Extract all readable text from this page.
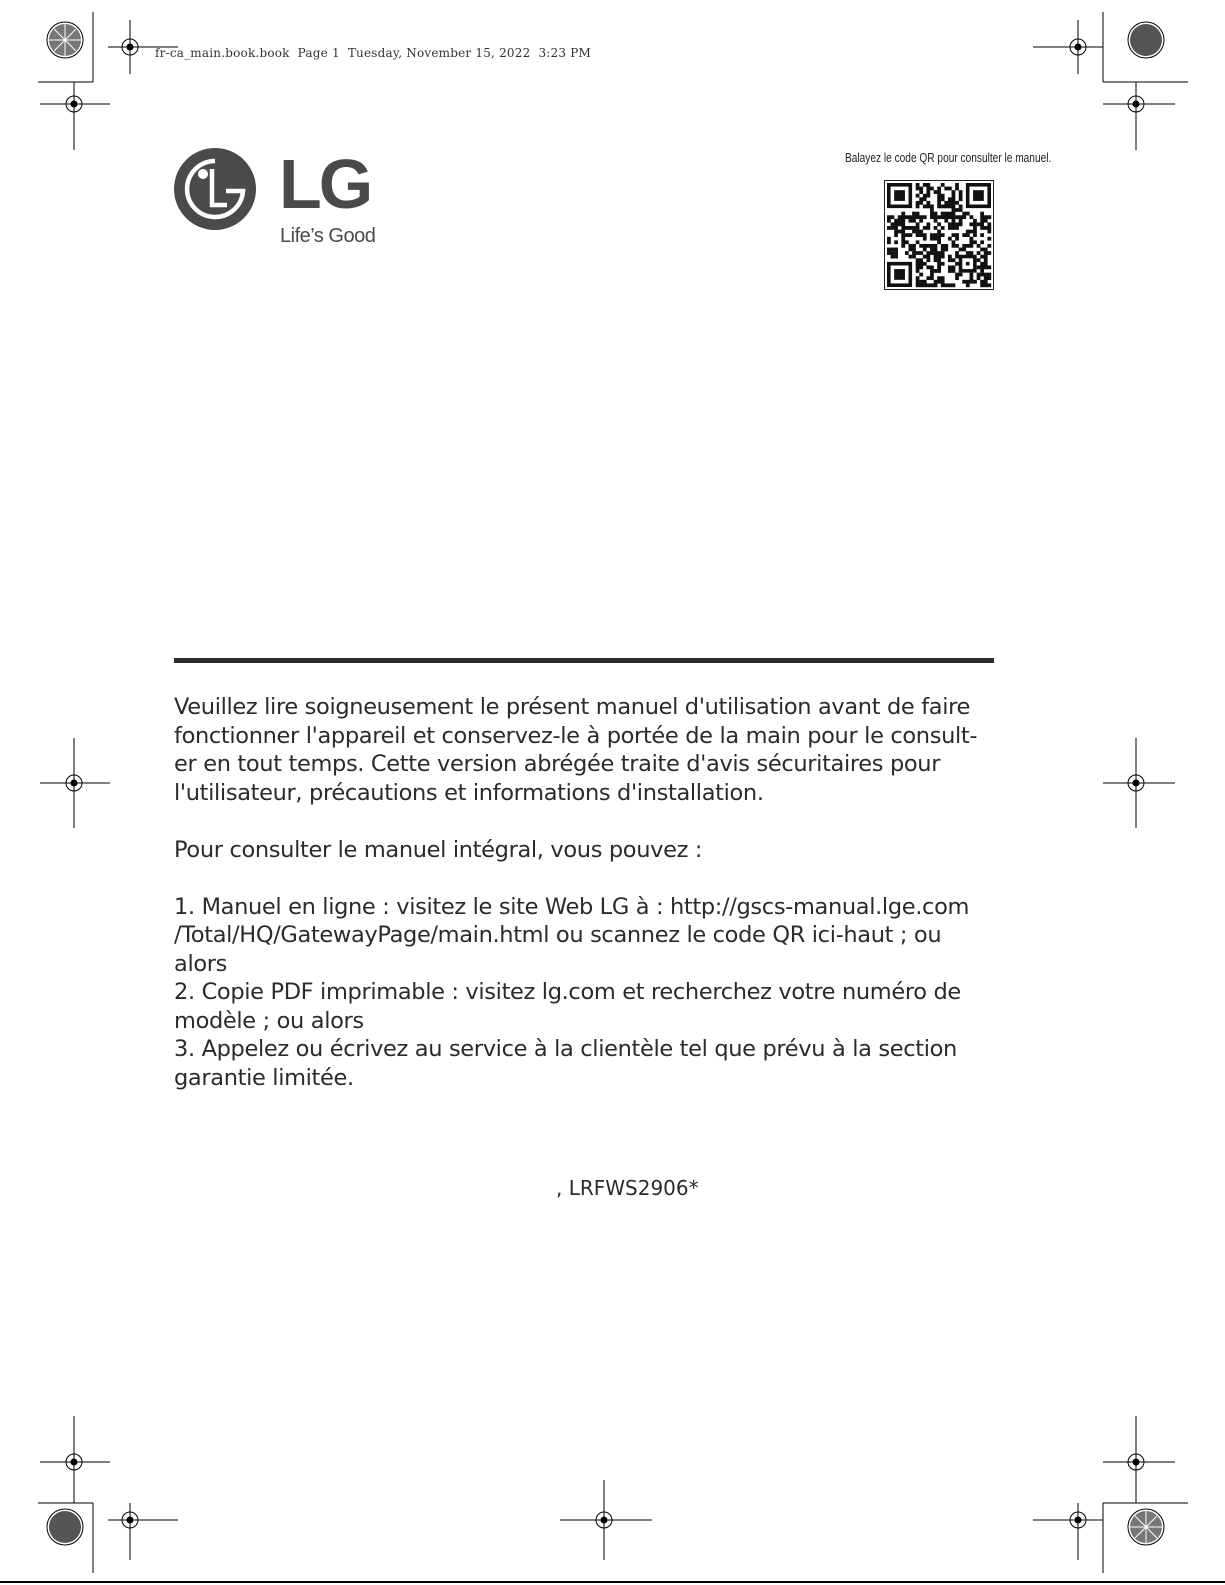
fr-ca_main.book.book  Page 1  Tuesday, November 15, 2022  3:23 PM
LG
Life’s Good
Balayez le code QR pour consulter le manuel.
Veuillez lire soigneusement le présent manuel d'utilisation avant de faire
fonctionner l'appareil et conservez-le à portée de la main pour le consult-
er en tout temps. Cette version abrégée traite d'avis sécuritaires pour
l'utilisateur, précautions et informations d'installation.

Pour consulter le manuel intégral, vous pouvez :

1. Manuel en ligne : visitez le site Web LG à : http://gscs-manual.lge.com
/Total/HQ/GatewayPage/main.html ou scannez le code QR ici-haut ; ou
alors
2. Copie PDF imprimable : visitez lg.com et recherchez votre numéro de
modèle ; ou alors
3. Appelez ou écrivez au service à la clientèle tel que prévu à la section
garantie limitée.
, LRFWS2906*
